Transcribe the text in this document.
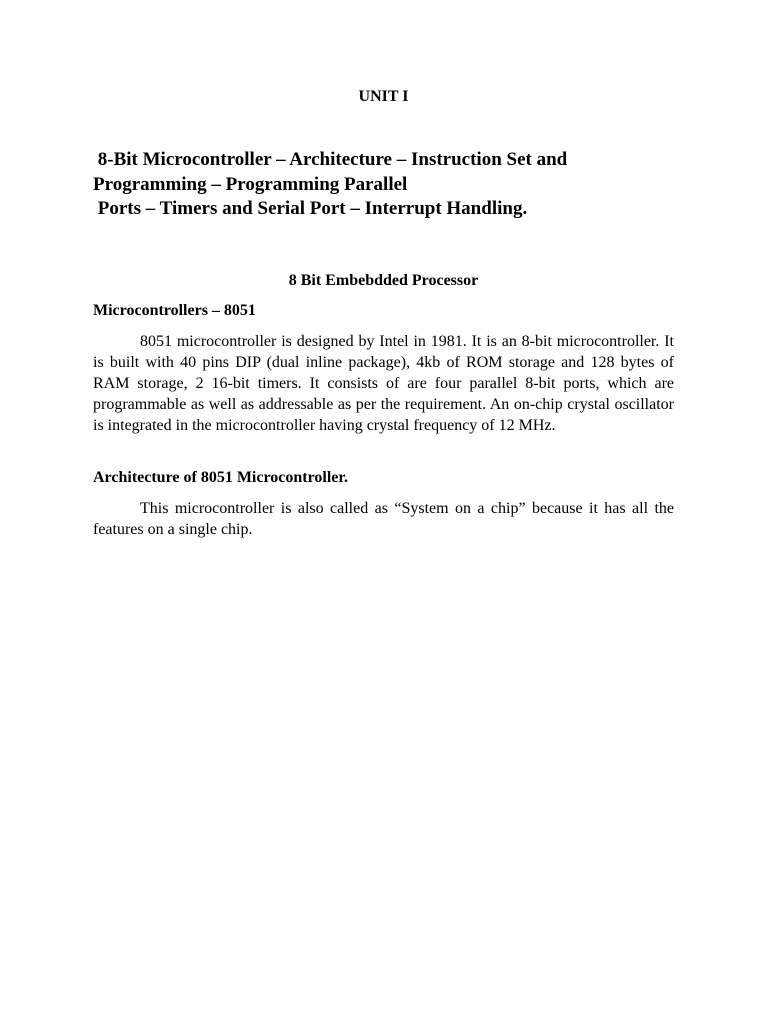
UNIT I
8-Bit Microcontroller – Architecture – Instruction Set and
Programming – Programming Parallel
Ports – Timers and Serial Port – Interrupt Handling.
8 Bit Embebdded Processor
Microcontrollers – 8051

8051 microcontroller is designed by Intel in 1981. It is an 8-bit microcontroller. It is built with 40 pins DIP (dual inline package), 4kb of ROM storage and 128 bytes of RAM storage, 2 16-bit timers. It consists of are four parallel 8-bit ports, which are programmable as well as addressable as per the requirement. An on-chip crystal oscillator is integrated in the microcontroller having crystal frequency of 12 MHz.

Architecture of 8051 Microcontroller.

This microcontroller is also called as “System on a chip” because it has all the features on a single chip.
